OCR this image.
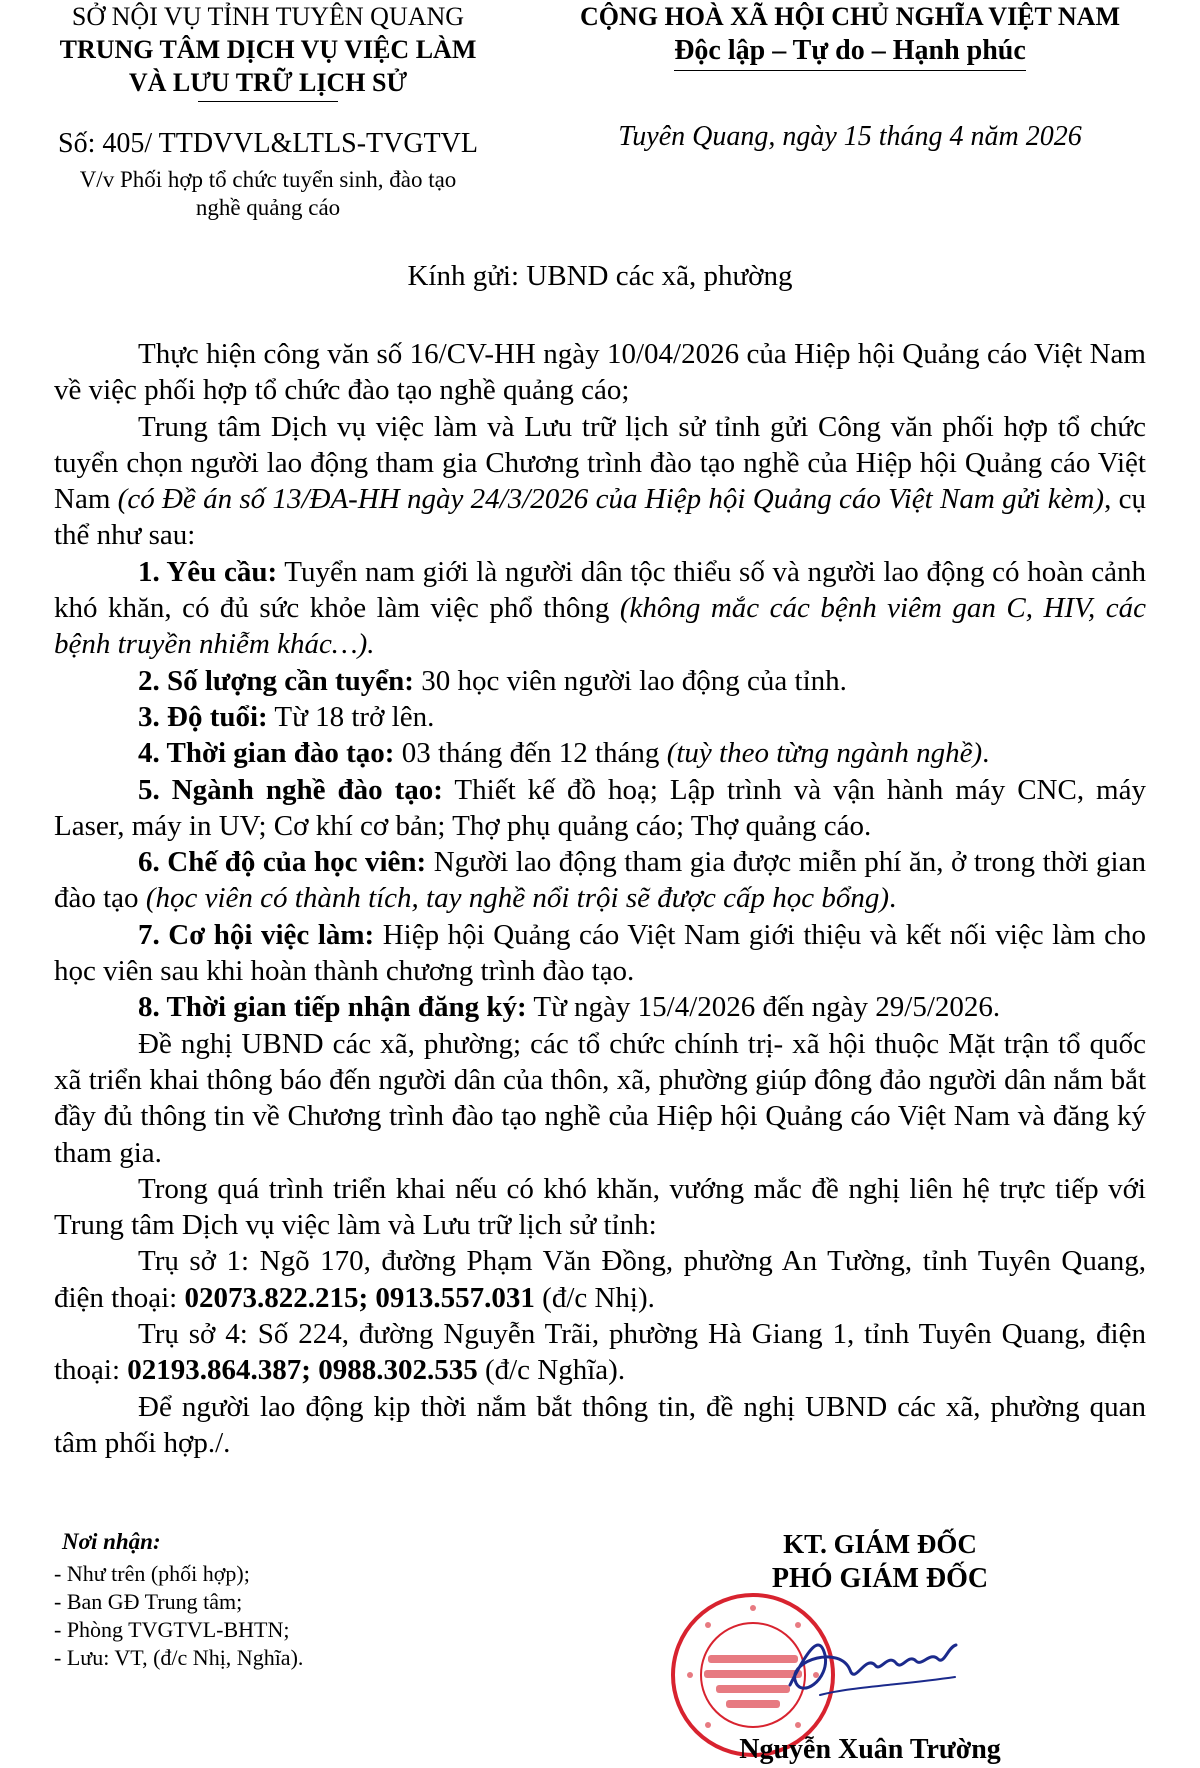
SỞ NỘI VỤ TỈNH TUYÊN QUANG
TRUNG TÂM DỊCH VỤ VIỆC LÀM
VÀ LƯU TRỮ LỊCH SỬ
Số: 405/ TTDVVL&LTLS-TVGTVL
V/v Phối hợp tổ chức tuyển sinh, đào tạo
nghề quảng cáo
CỘNG HOÀ XÃ HỘI CHỦ NGHĨA VIỆT NAM
Độc lập – Tự do – Hạnh phúc
Tuyên Quang, ngày 15 tháng 4 năm 2026
Kính gửi: UBND các xã, phường

Thực hiện công văn số 16/CV-HH ngày 10/04/2026 của Hiệp hội Quảng cáo Việt Nam về việc phối hợp tổ chức đào tạo nghề quảng cáo;

Trung tâm Dịch vụ việc làm và Lưu trữ lịch sử tỉnh gửi Công văn phối hợp tổ chức tuyển chọn người lao động tham gia Chương trình đào tạo nghề của Hiệp hội Quảng cáo Việt Nam (có Đề án số 13/ĐA-HH ngày 24/3/2026 của Hiệp hội Quảng cáo Việt Nam gửi kèm), cụ thể như sau:

1. Yêu cầu: Tuyển nam giới là người dân tộc thiểu số và người lao động có hoàn cảnh khó khăn, có đủ sức khỏe làm việc phổ thông (không mắc các bệnh viêm gan C, HIV, các bệnh truyền nhiễm khác…).

2. Số lượng cần tuyển: 30 học viên người lao động của tỉnh.

3. Độ tuổi: Từ 18 trở lên.

4. Thời gian đào tạo: 03 tháng đến 12 tháng (tuỳ theo từng ngành nghề).

5. Ngành nghề đào tạo: Thiết kế đồ hoạ; Lập trình và vận hành máy CNC, máy Laser, máy in UV; Cơ khí cơ bản; Thợ phụ quảng cáo; Thợ quảng cáo.

6. Chế độ của học viên: Người lao động tham gia được miễn phí ăn, ở trong thời gian đào tạo (học viên có thành tích, tay nghề nổi trội sẽ được cấp học bổng).

7. Cơ hội việc làm: Hiệp hội Quảng cáo Việt Nam giới thiệu và kết nối việc làm cho học viên sau khi hoàn thành chương trình đào tạo.

8. Thời gian tiếp nhận đăng ký: Từ ngày 15/4/2026 đến ngày 29/5/2026.

Đề nghị UBND các xã, phường; các tổ chức chính trị- xã hội thuộc Mặt trận tổ quốc xã triển khai thông báo đến người dân của thôn, xã, phường giúp đông đảo người dân nắm bắt đầy đủ thông tin về Chương trình đào tạo nghề của Hiệp hội Quảng cáo Việt Nam và đăng ký tham gia.

Trong quá trình triển khai nếu có khó khăn, vướng mắc đề nghị liên hệ trực tiếp với Trung tâm Dịch vụ việc làm và Lưu trữ lịch sử tỉnh:

Trụ sở 1: Ngõ 170, đường Phạm Văn Đồng, phường An Tường, tỉnh Tuyên Quang, điện thoại: 02073.822.215; 0913.557.031 (đ/c Nhị).

Trụ sở 4: Số 224, đường Nguyễn Trãi, phường Hà Giang 1, tỉnh Tuyên Quang, điện thoại: 02193.864.387; 0988.302.535 (đ/c Nghĩa).

Để người lao động kịp thời nắm bắt thông tin, đề nghị UBND các xã, phường quan tâm phối hợp./.

Nơi nhận:
- Như trên (phối hợp);
- Ban GĐ Trung tâm;
- Phòng TVGTVL-BHTN;
- Lưu: VT, (đ/c Nhị, Nghĩa).
KT. GIÁM ĐỐC
PHÓ GIÁM ĐỐC
Nguyễn Xuân Trường
